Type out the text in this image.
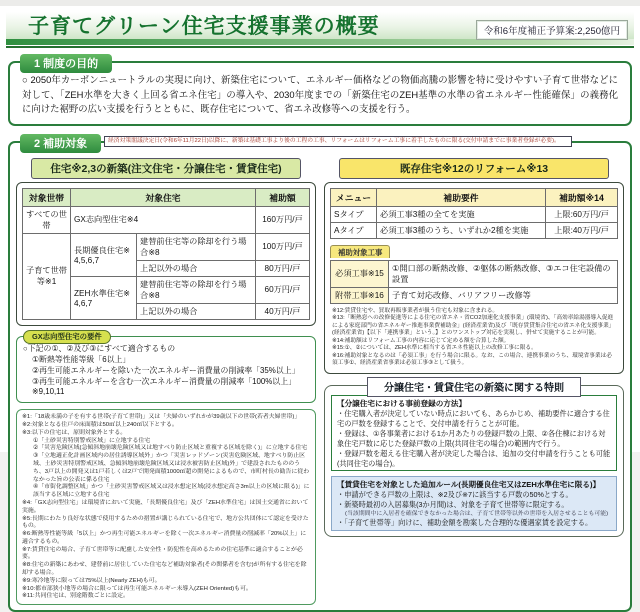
子育てグリーン住宅支援事業の概要	令和6年度補正予算案:2,250億円
1 制度の目的
○ 2050年カーボンニュートラルの実現に向け、新築住宅について、エネルギー価格などの物価高騰の影響を特に受けやすい子育て世帯などに対して、「ZEH水準を大きく上回る省エネ住宅」の導入や、2030年度までの「新築住宅のZEH基準の水準の省エネルギー性能確保」の義務化に向けた裾野の広い支援を行うとともに、既存住宅について、省エネ改修等への支援を行う。
2 補助対象	経済対策閣議決定日(令和6年11月22日)以降に、新築は基礎工事より後の工程の工事、リフォームはリフォーム工事に着手したものに限る(交付申請までに事業者登録が必要)。
住宅※2,3の新築(注文住宅・分譲住宅・賃貸住宅)
対象世帯	対象住宅		補助額
すべての世帯	GX志向型住宅※4		160万円/戸
子育て世帯等※1	長期優良住宅※4,5,6,7	建替前住宅等の除却を行う場合※8	100万円/戸
		上記以外の場合	80万円/戸
	ZEH水準住宅※4,6,7	建替前住宅等の除却を行う場合※8	60万円/戸
		上記以外の場合	40万円/戸
GX志向型住宅の要件
○下記の①、②及び③にすべて適合するもの
①断熱等性能等級「6以上」
②再生可能エネルギーを除いた一次エネルギー消費量の削減率「35%以上」
③再生可能エネルギーを含む一次エネルギー消費量の削減率「100%以上」※9,10,11
※1:「18歳未満の子を有する世帯(子育て世帯)」又は「夫婦のいずれかが39歳以下の世帯(若者夫婦世帯)」
※2:対象となる住戸の床面積は50㎡以上240㎡以下とする。
※3:以下の住宅は、原則対象外とする。
①「土砂災害特別警戒区域」に立地する住宅
②「災害危険区域(急傾斜地崩壊危険区域又は地すべり防止区域と重複する区域を除く)」に立地する住宅
③「立地適正化計画区域内の居住誘導区域外」かつ「災害レッドゾーン(災害危険区域、地すべり防止区域、土砂災害特別警戒区域、急傾斜地崩壊危険区域又は浸水被害防止区域)外」で建設されたもののうち、3戸以上の開発又は1戸若しくは2戸で開発面積1000㎡超の開発によるもので、市町村長の勧告に従わなかった旨の公表に係る住宅
④「市街化調整区域」かつ「土砂災害警戒区域又は浸水想定区域(浸水想定高さ3m以上の区域に限る)」に該当する区域に立地する住宅
※4:「GX志向型住宅」は環境省において実施、「長期優良住宅」及び「ZEH水準住宅」は国土交通省において実施。
※5:長期にわたり良好な状態で使用するための措置が講じられている住宅で、地方公共団体にて認定を受けたもの。
※6:断熱等性能等級「5以上」かつ再生可能エネルギーを除く一次エネルギー消費量の削減率「20%以上」に適合するもの。
※7:賃貸住宅の場合、子育て世帯等に配慮した安全性・防犯性を高めるための住宅基準に適合することが必要。
※8:住宅の新築にあわせ、建替前に居住していた住宅など補助対象者(その関係者を含む)が所有する住宅を除却する場合。
※9:寒冷地等に限っては75%以上(Nearly ZEH)も可。
※10:都市部狭小地等の場合に限っては再生可能エネルギー未導入(ZEH Oriented)も可。
※11:共同住宅は、別途階数ごとに設定。
既存住宅※12のリフォーム※13
メニュー	補助要件	補助額※14
Sタイプ	必須工事3種の全てを実施	上限:60万円/戸
Aタイプ	必須工事3種のうち、いずれか2種を実施	上限:40万円/戸
補助対象工事
必須工事※15	①開口部の断熱改修、②躯体の断熱改修、③エコ住宅設備の設置
附帯工事※16	子育て対応改修、バリアフリー改修等
※12:賃貸住宅や、買取再販事業者が扱う住宅も対象に含まれる。
※13:「断熱窓への改修促進等による住宅の省エネ・省CO2加速化支援事業」(環境省)、「高効率給湯器導入促進による家庭部門の省エネルギー推進事業費補助金」(経済産業省)及び「既存賃貸集合住宅の省エネ化支援事業」(経済産業省)【以下「連携事業」という。】とのワンストップ対応を実現し、併せて実施することが可能。
※14:補助額はリフォーム工事の内容に応じて定める額を合算した額。
※15:①、②については、ZEH水準に相当する省エネ性能以上の改修工事に限る。
※16:補助対象となるのは「必須工事」を行う場合に限る。なお、この場合、連携事業のうち、環境省事業は必須工事①、経済産業省事業は必須工事③として扱う。
分譲住宅・賃貸住宅の新築に関する特則
【分譲住宅における事前登録の方法】
・住宅購入者が決定していない時点においても、あらかじめ、補助要件に適合する住宅の戸数を登録することで、交付申請を行うことが可能。
・登録は、①各事業者における1か月あたりの登録戸数の上限、②各住棟における対象住宅戸数に応じた登録戸数の上限(共同住宅の場合)の範囲内で行う。
・登録戸数を超える住宅購入者が決定した場合は、追加の交付申請を行うことも可能(共同住宅の場合)。
【賃貸住宅を対象とした追加ルール(長期優良住宅又はZEH水準住宅に限る)】
・申請ができる戸数の上限は、※2及び※7に該当する戸数の50%とする。
・新築時最初の入居募集(3か月間)は、対象を子育て世帯等に限定する。
(当該期間中に入居者を確保できなかった場合は、子育て世帯等以外の世帯を入居させることも可能)
・「子育て世帯等」向けに、補助金額を勘案した合理的な優遇家賃を設定する。
